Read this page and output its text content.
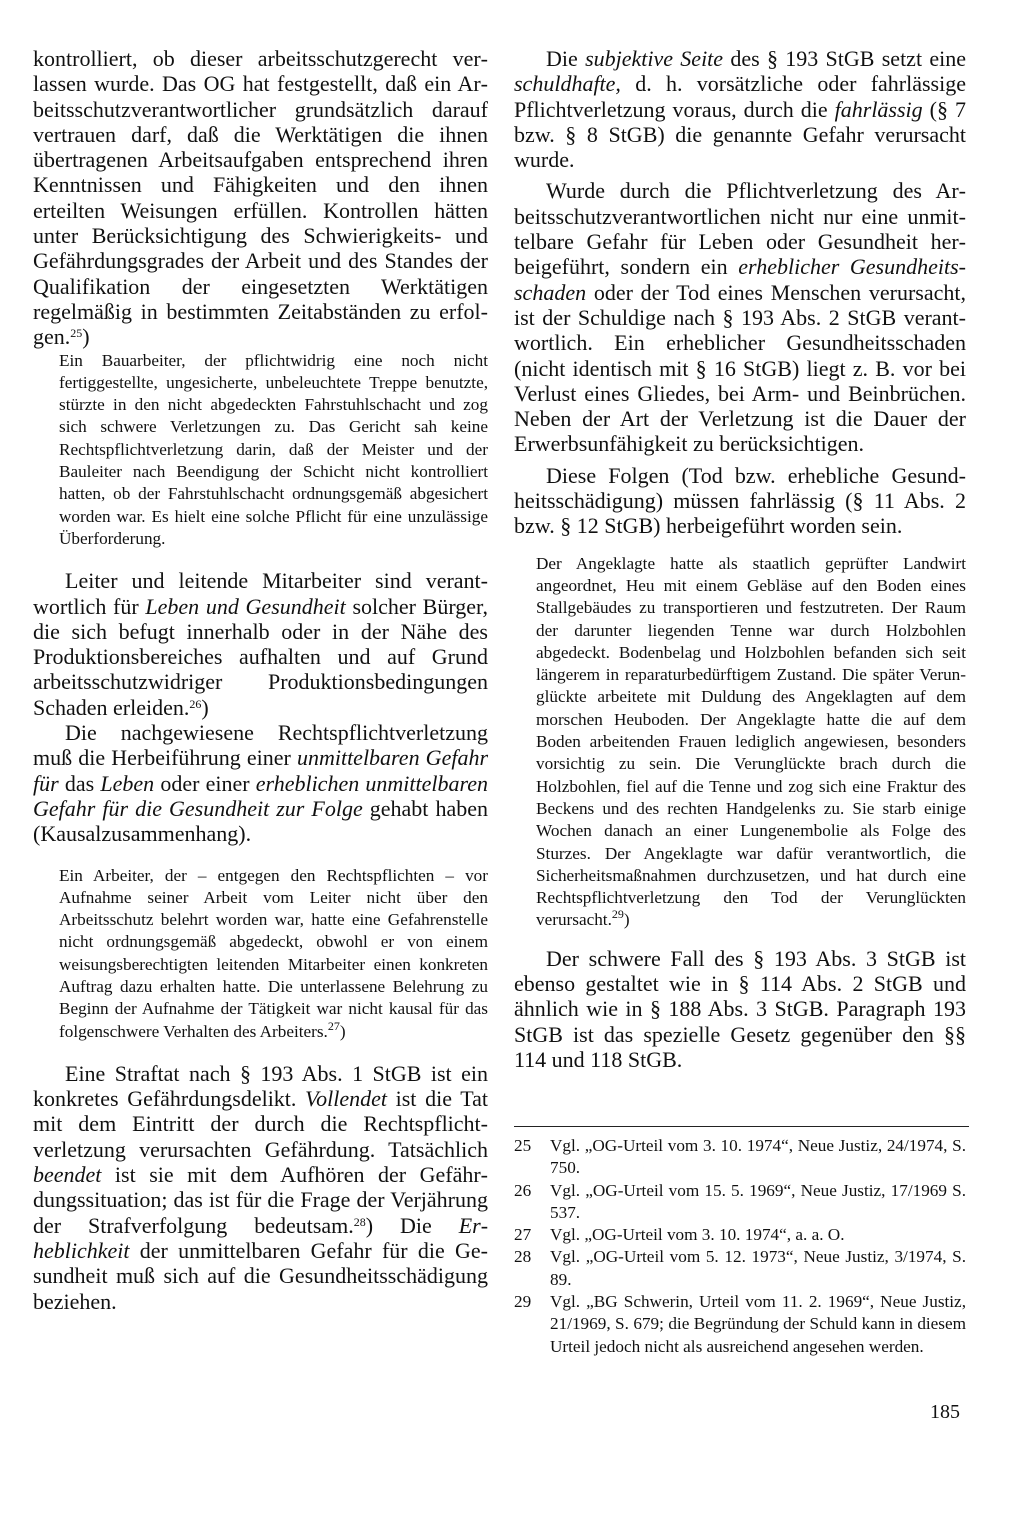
kontrolliert, ob dieser arbeitsschutzgerecht verlassen wurde. Das OG hat festgestellt, daß ein Arbeitsschutzverantwortlicher grundsätzlich darauf vertrauen darf, daß die Werktätigen die ihnen übertragenen Arbeitsaufgaben entsprechend ihren Kenntnissen und Fähigkeiten und den ihnen erteilten Weisungen erfüllen. Kontrollen hätten unter Berücksichtigung des Schwierigkeits- und Gefährdungsgrades der Arbeit und des Standes der Qualifikation der eingesetzten Werktätigen regelmäßig in bestimmten Zeitabständen zu erfolgen.$^{25}$)

Ein Bauarbeiter, der pflichtwidrig eine noch nicht fertiggestellte, ungesicherte, unbeleuchtete Treppe benutzte, stürzte in den nicht abgedeckten Fahrstuhlschacht und zog sich schwere Verletzungen zu. Das Gericht sah keine Rechtspflichtverletzung darin, daß der Meister und der Bauleiter nach Beendigung der Schicht nicht kontrolliert hatten, ob der Fahrstuhlschacht ordnungsgemäß abgesichert worden war. Es hielt eine solche Pflicht für eine unzulässige Überforderung.

Leiter und leitende Mitarbeiter sind verantwortlich für Leben und Gesundheit solcher Bürger, die sich befugt innerhalb oder in der Nähe des Produktionsbereiches aufhalten und auf Grund arbeitsschutzwidriger Produktionsbedingungen Schaden erleiden.$^{26}$)

Die nachgewiesene Rechtspflichtverletzung muß die Herbeiführung einer unmittelbaren Gefahr für das Leben oder einer erheblichen unmittelbaren Gefahr für die Gesundheit zur Folge gehabt haben (Kausalzusammenhang).

Ein Arbeiter, der – entgegen den Rechtspflichten – vor Aufnahme seiner Arbeit vom Leiter nicht über den Arbeitsschutz belehrt worden war, hatte eine Gefahrenstelle nicht ordnungsgemäß abgedeckt, obwohl er von einem weisungsberechtigten leitenden Mitarbeiter einen konkreten Auftrag dazu erhalten hatte. Die unterlassene Belehrung zu Beginn der Aufnahme der Tätigkeit war nicht kausal für das folgenschwere Verhalten des Arbeiters.$^{27}$)

Eine Straftat nach § 193 Abs. 1 StGB ist ein konkretes Gefährdungsdelikt. Vollendet ist die Tat mit dem Eintritt der durch die Rechtspflichtverletzung verursachten Gefährdung. Tatsächlich beendet ist sie mit dem Aufhören der Gefährdungssituation; das ist für die Frage der Verjährung der Strafverfolgung bedeutsam.$^{28}$) Die Erheblichkeit der unmittelbaren Gefahr für die Gesundheit muß sich auf die Gesundheitsschädigung beziehen.

Die subjektive Seite des § 193 StGB setzt eine schuldhafte, d. h. vorsätzliche oder fahrlässige Pflichtverletzung voraus, durch die fahrlässig (§ 7 bzw. § 8 StGB) die genannte Gefahr verursacht wurde.

Wurde durch die Pflichtverletzung des Arbeitsschutzverantwortlichen nicht nur eine unmittelbare Gefahr für Leben oder Gesundheit herbeigeführt, sondern ein erheblicher Gesundheitsschaden oder der Tod eines Menschen verursacht, ist der Schuldige nach § 193 Abs. 2 StGB verantwortlich. Ein erheblicher Gesundheitsschaden (nicht identisch mit § 16 StGB) liegt z. B. vor bei Verlust eines Gliedes, bei Arm- und Beinbrüchen. Neben der Art der Verletzung ist die Dauer der Erwerbsunfähigkeit zu berücksichtigen.

Diese Folgen (Tod bzw. erhebliche Gesundheitsschädigung) müssen fahrlässig (§ 11 Abs. 2 bzw. § 12 StGB) herbeigeführt worden sein.

Der Angeklagte hatte als staatlich geprüfter Landwirt angeordnet, Heu mit einem Gebläse auf den Boden eines Stallgebäudes zu transportieren und festzutreten. Der Raum der darunter liegenden Tenne war durch Holzbohlen abgedeckt. Bodenbelag und Holzbohlen befanden sich seit längerem in reparaturbedürftigem Zustand. Die später Verunglückte arbeitete mit Duldung des Angeklagten auf dem morschen Heuboden. Der Angeklagte hatte die auf dem Boden arbeitenden Frauen lediglich angewiesen, besonders vorsichtig zu sein. Die Verunglückte brach durch die Holzbohlen, fiel auf die Tenne und zog sich eine Fraktur des Beckens und des rechten Handgelenks zu. Sie starb einige Wochen danach an einer Lungenembolie als Folge des Sturzes. Der Angeklagte war dafür verantwortlich, die Sicherheitsmaßnahmen durchzusetzen, und hat durch eine Rechtspflichtverletzung den Tod der Verunglückten verursacht.$^{29}$)

Der schwere Fall des § 193 Abs. 3 StGB ist ebenso gestaltet wie in § 114 Abs. 2 StGB und ähnlich wie in § 188 Abs. 3 StGB. Paragraph 193 StGB ist das spezielle Gesetz gegenüber den §§ 114 und 118 StGB.

25	Vgl. „OG-Urteil vom 3. 10. 1974“, Neue Justiz, 24/1974, S. 750.
26	Vgl. „OG-Urteil vom 15. 5. 1969“, Neue Justiz, 17/1969 S. 537.
27	Vgl. „OG-Urteil vom 3. 10. 1974“, a. a. O.
28	Vgl. „OG-Urteil vom 5. 12. 1973“, Neue Justiz, 3/1974, S. 89.
29	Vgl. „BG Schwerin, Urteil vom 11. 2. 1969“, Neue Justiz, 21/1969, S. 679; die Begründung der Schuld kann in diesem Urteil jedoch nicht als ausreichend angesehen werden.
185
